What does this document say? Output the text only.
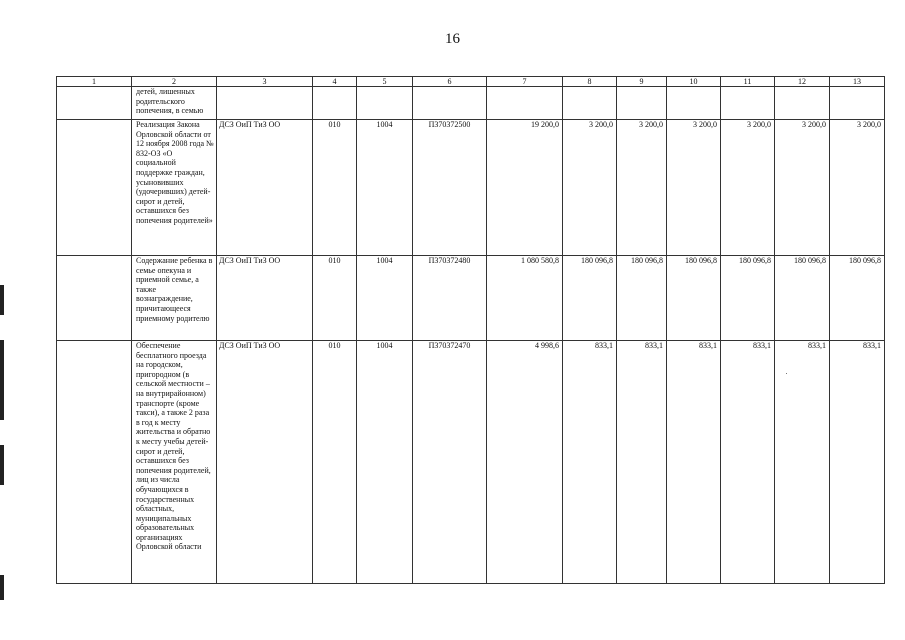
16
1	2	3	4	5	6	7	8	9	10	11	12	13
	детей, лишенных родительского попечения, в семью											
	Реализация Закона Орловской области от 12 ноября 2008 года № 832-ОЗ «О социальной поддержке граждан, усыновивших (удочеривших) детей-сирот и детей, оставшихся без попечения родителей»	ДСЗ ОиП ТиЗ ОО	010	1004	П370372500	19 200,0	3 200,0	3 200,0	3 200,0	3 200,0	3 200,0	3 200,0
	Содержание ребенка в семье опекуна и приемной семье, а также вознаграждение, причитающееся приемному родителю	ДСЗ ОиП ТиЗ ОО	010	1004	П370372480	1 080 580,8	180 096,8	180 096,8	180 096,8	180 096,8	180 096,8	180 096,8
	Обеспечение бесплатного проезда на городском, пригородном (в сельской местности – на внутрирайонном) транспорте (кроме такси), а также 2 раза в год к месту жительства и обратно к месту учебы детей-сирот и детей, оставшихся без попечения родителей, лиц из числа обучающихся в государственных областных, муниципальных образовательных организациях Орловской области	ДСЗ ОиП ТиЗ ОО	010	1004	П370372470	4 998,6	833,1	833,1	833,1	833,1	833,1	833,1
